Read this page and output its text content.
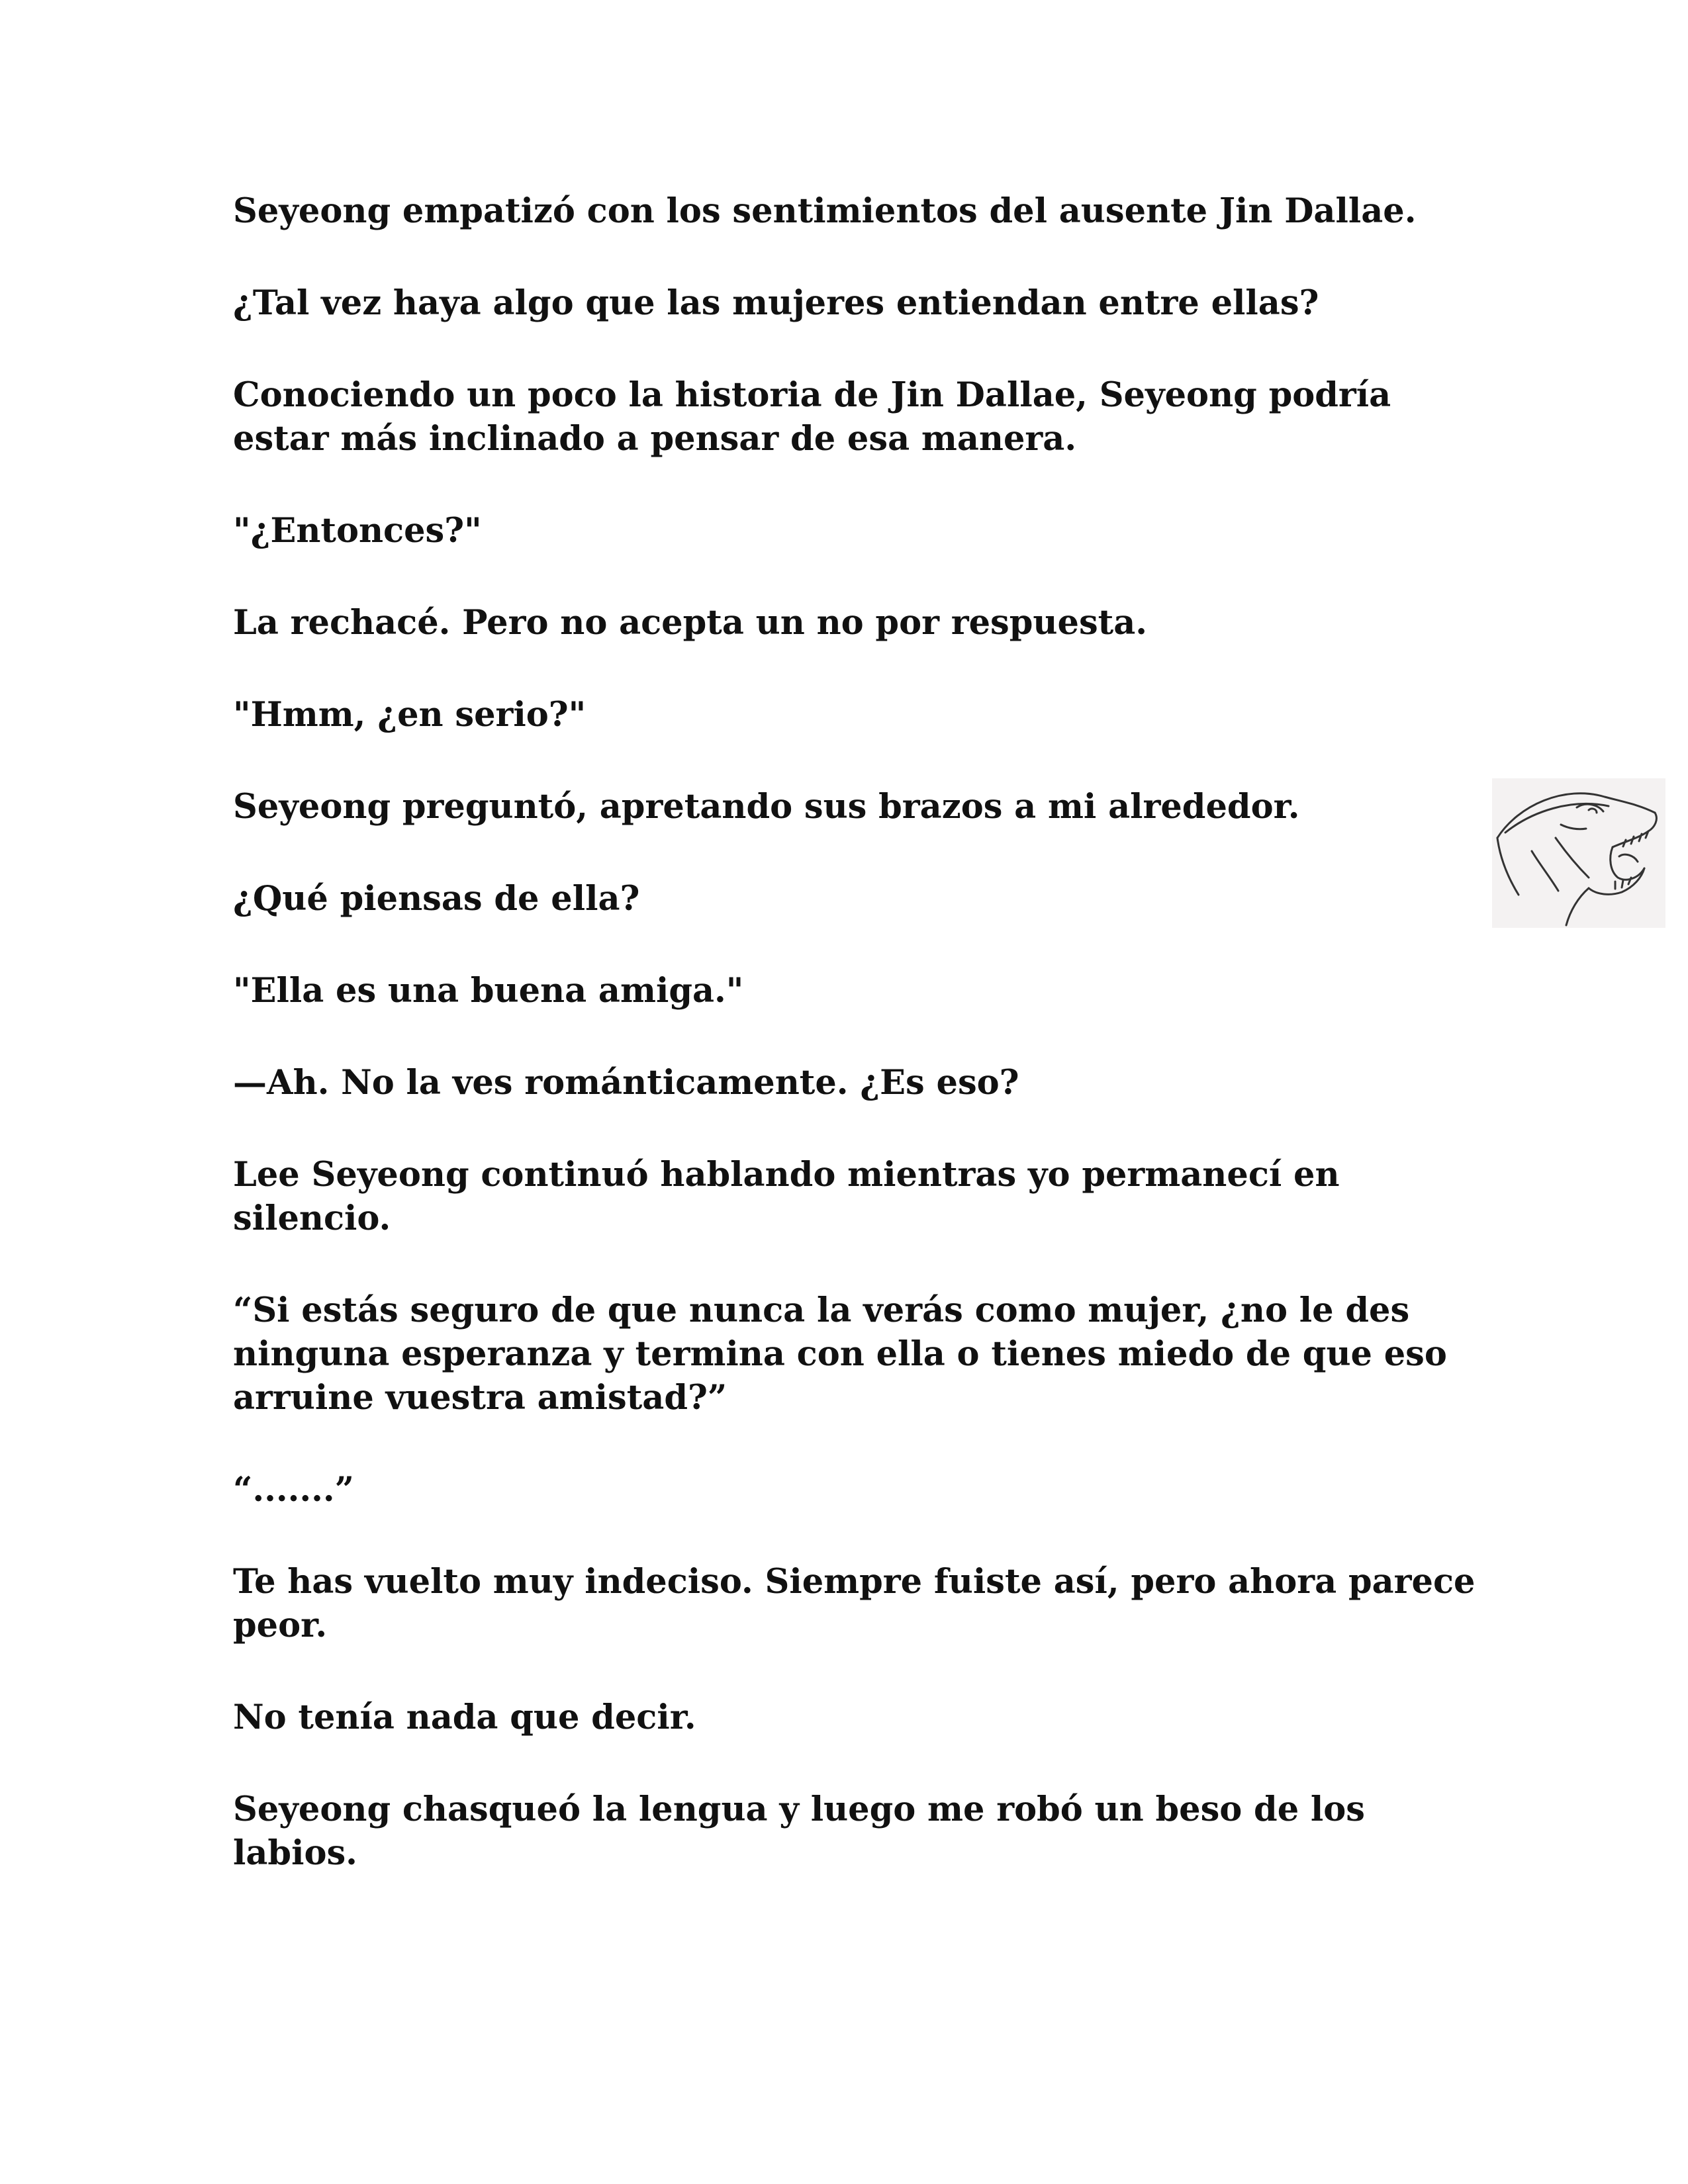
Seyeong empatizó con los sentimientos del ausente Jin Dallae.

¿Tal vez haya algo que las mujeres entiendan entre ellas?

Conociendo un poco la historia de Jin Dallae, Seyeong podría estar más inclinado a pensar de esa manera.

"¿Entonces?"

La rechacé. Pero no acepta un no por respuesta.

"Hmm, ¿en serio?"

Seyeong preguntó, apretando sus brazos a mi alrededor.

¿Qué piensas de ella?

"Ella es una buena amiga."

—Ah. No la ves románticamente. ¿Es eso?

Lee Seyeong continuó hablando mientras yo permanecí en silencio.

“Si estás seguro de que nunca la verás como mujer, ¿no le des ninguna esperanza y termina con ella o tienes miedo de que eso arruine vuestra amistad?”

“.......”

Te has vuelto muy indeciso. Siempre fuiste así, pero ahora parece peor.

No tenía nada que decir.

Seyeong chasqueó la lengua y luego me robó un beso de los labios.
